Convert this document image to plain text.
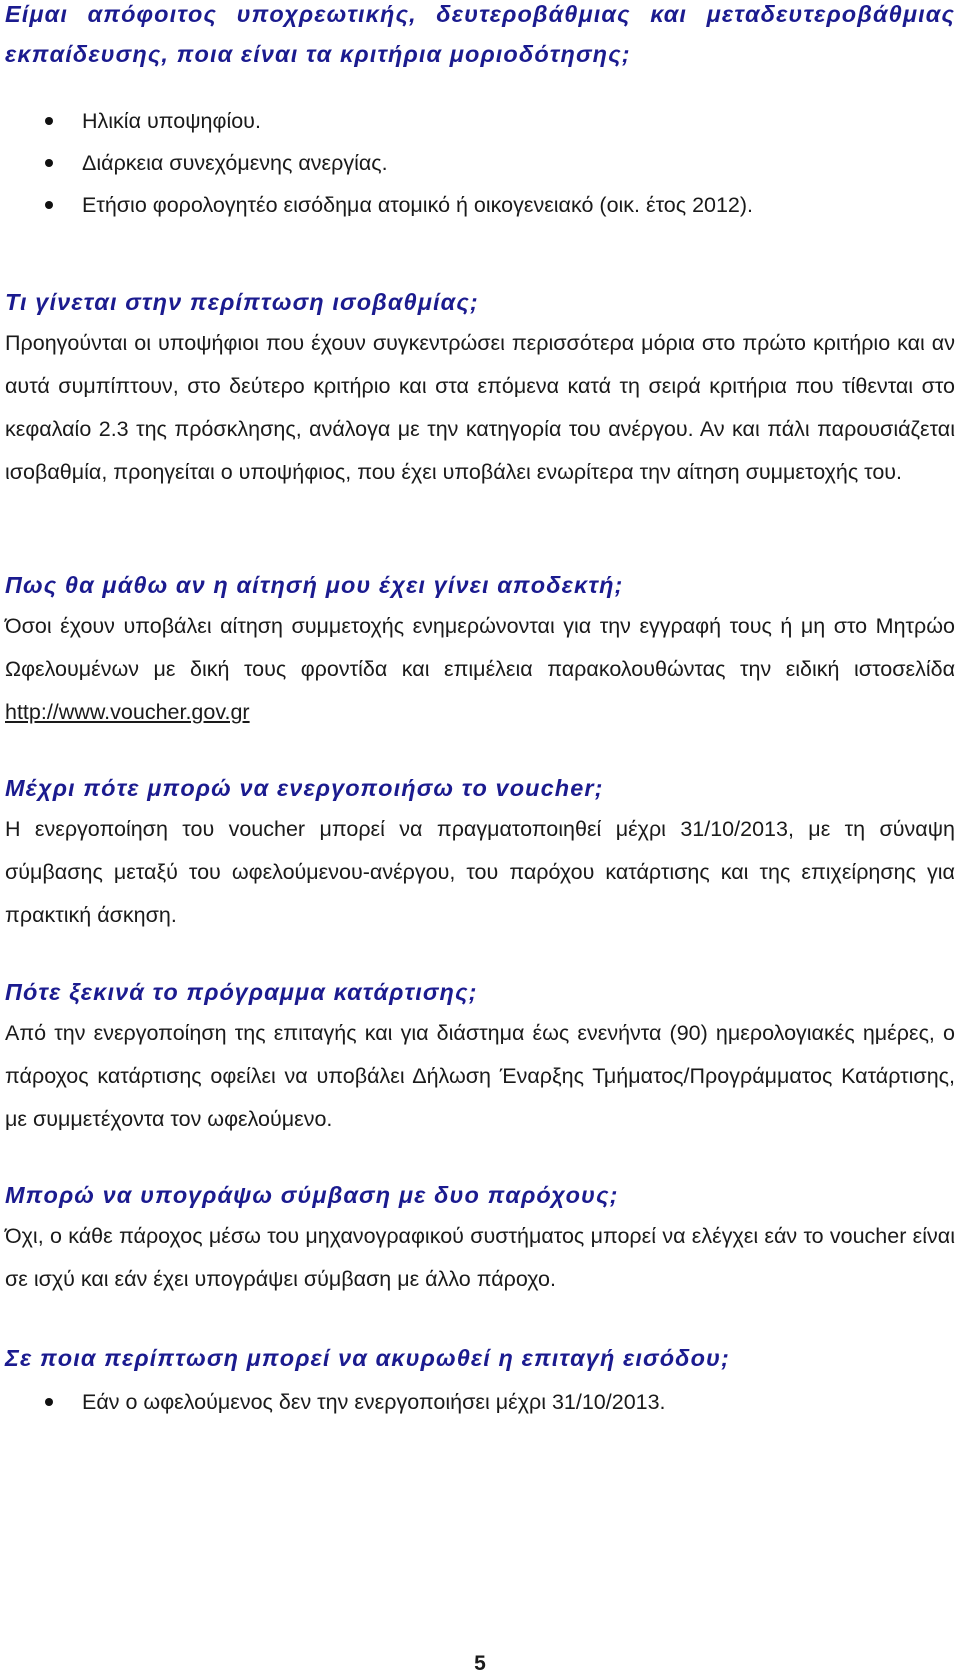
Είμαι απόφοιτος υποχρεωτικής, δευτεροβάθμιας και μεταδευτεροβάθμιας

εκπαίδευσης, ποια είναι τα κριτήρια μοριοδότησης;

Ηλικία υποψηφίου.
Διάρκεια συνεχόμενης ανεργίας.
Ετήσιο φορολογητέο εισόδημα ατομικό ή οικογενειακό (οικ. έτος 2012).

Τι γίνεται στην περίπτωση ισοβαθμίας;

Προηγούνται οι υποψήφιοι που έχουν συγκεντρώσει περισσότερα μόρια στο πρώτο κριτήριο και αν αυτά συμπίπτουν, στο δεύτερο κριτήριο και στα επόμενα κατά τη σειρά κριτήρια που τίθενται στο κεφαλαίο 2.3 της πρόσκλησης, ανάλογα με την κατηγορία του ανέργου. Αν και πάλι παρουσιάζεται ισοβαθμία, προηγείται ο υποψήφιος, που έχει υποβάλει ενωρίτερα την αίτηση συμμετοχής του.

Πως θα μάθω αν η αίτησή μου έχει γίνει αποδεκτή;

Όσοι έχουν υποβάλει αίτηση συμμετοχής ενημερώνονται για την εγγραφή τους ή μη στο Μητρώο Ωφελουμένων με δική τους φροντίδα και επιμέλεια παρακολουθώντας την ειδική ιστοσελίδα http://www.voucher.gov.gr

Μέχρι πότε μπορώ να ενεργοποιήσω το voucher;

Η ενεργοποίηση του voucher μπορεί να πραγματοποιηθεί μέχρι 31/10/2013, με τη σύναψη σύμβασης μεταξύ του ωφελούμενου-ανέργου, του παρόχου κατάρτισης και της επιχείρησης για πρακτική άσκηση.

Πότε ξεκινά το πρόγραμμα κατάρτισης;

Από την ενεργοποίηση της επιταγής και για διάστημα έως ενενήντα (90) ημερολογιακές ημέρες, ο πάροχος κατάρτισης οφείλει να υποβάλει Δήλωση Έναρξης Τμήματος/Προγράμματος Κατάρτισης, με συμμετέχοντα τον ωφελούμενο.

Μπορώ να υπογράψω σύμβαση με δυο παρόχους;

Όχι, ο κάθε πάροχος μέσω του μηχανογραφικού συστήματος μπορεί να ελέγχει εάν το voucher είναι σε ισχύ και εάν έχει υπογράψει σύμβαση με άλλο πάροχο.

Σε ποια περίπτωση μπορεί να ακυρωθεί η επιταγή εισόδου;

Εάν ο ωφελούμενος δεν την ενεργοποιήσει μέχρι 31/10/2013.
5
